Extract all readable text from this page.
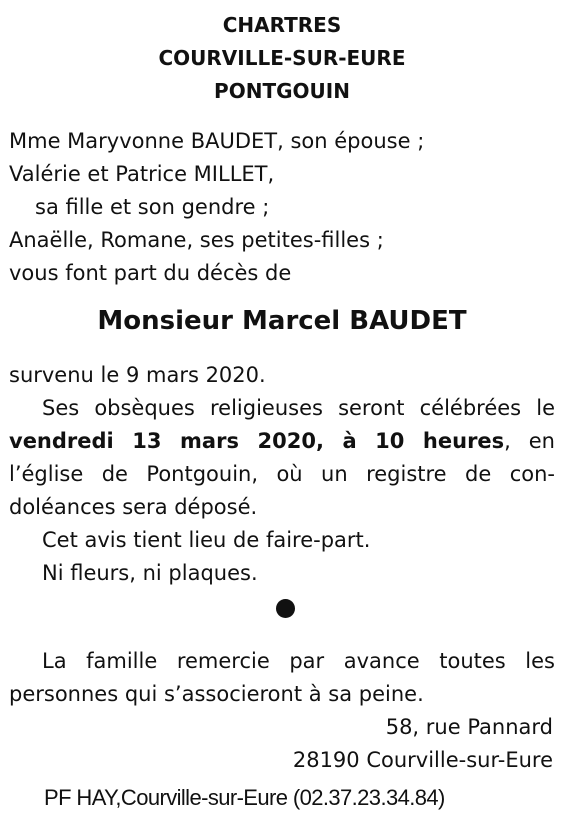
CHARTRES
COURVILLE-SUR-EURE
PONTGOUIN
Mme Maryvonne BAUDET, son épouse ;
Valérie et Patrice MILLET,
sa fille et son gendre ;
Anaëlle, Romane, ses petites-filles ;
vous font part du décès de
Monsieur Marcel BAUDET
survenu le 9 mars 2020.
Ses obsèques religieuses seront célébrées le
vendredi 13 mars 2020, à 10 heures, en
l’église de Pontgouin, où un registre de con-
doléances sera déposé.
Cet avis tient lieu de faire-part.
Ni fleurs, ni plaques.
La famille remercie par avance toutes les
personnes qui s’associeront à sa peine.
58, rue Pannard
28190 Courville-sur-Eure
PF HAY,Courville-sur-Eure (02.37.23.34.84)
